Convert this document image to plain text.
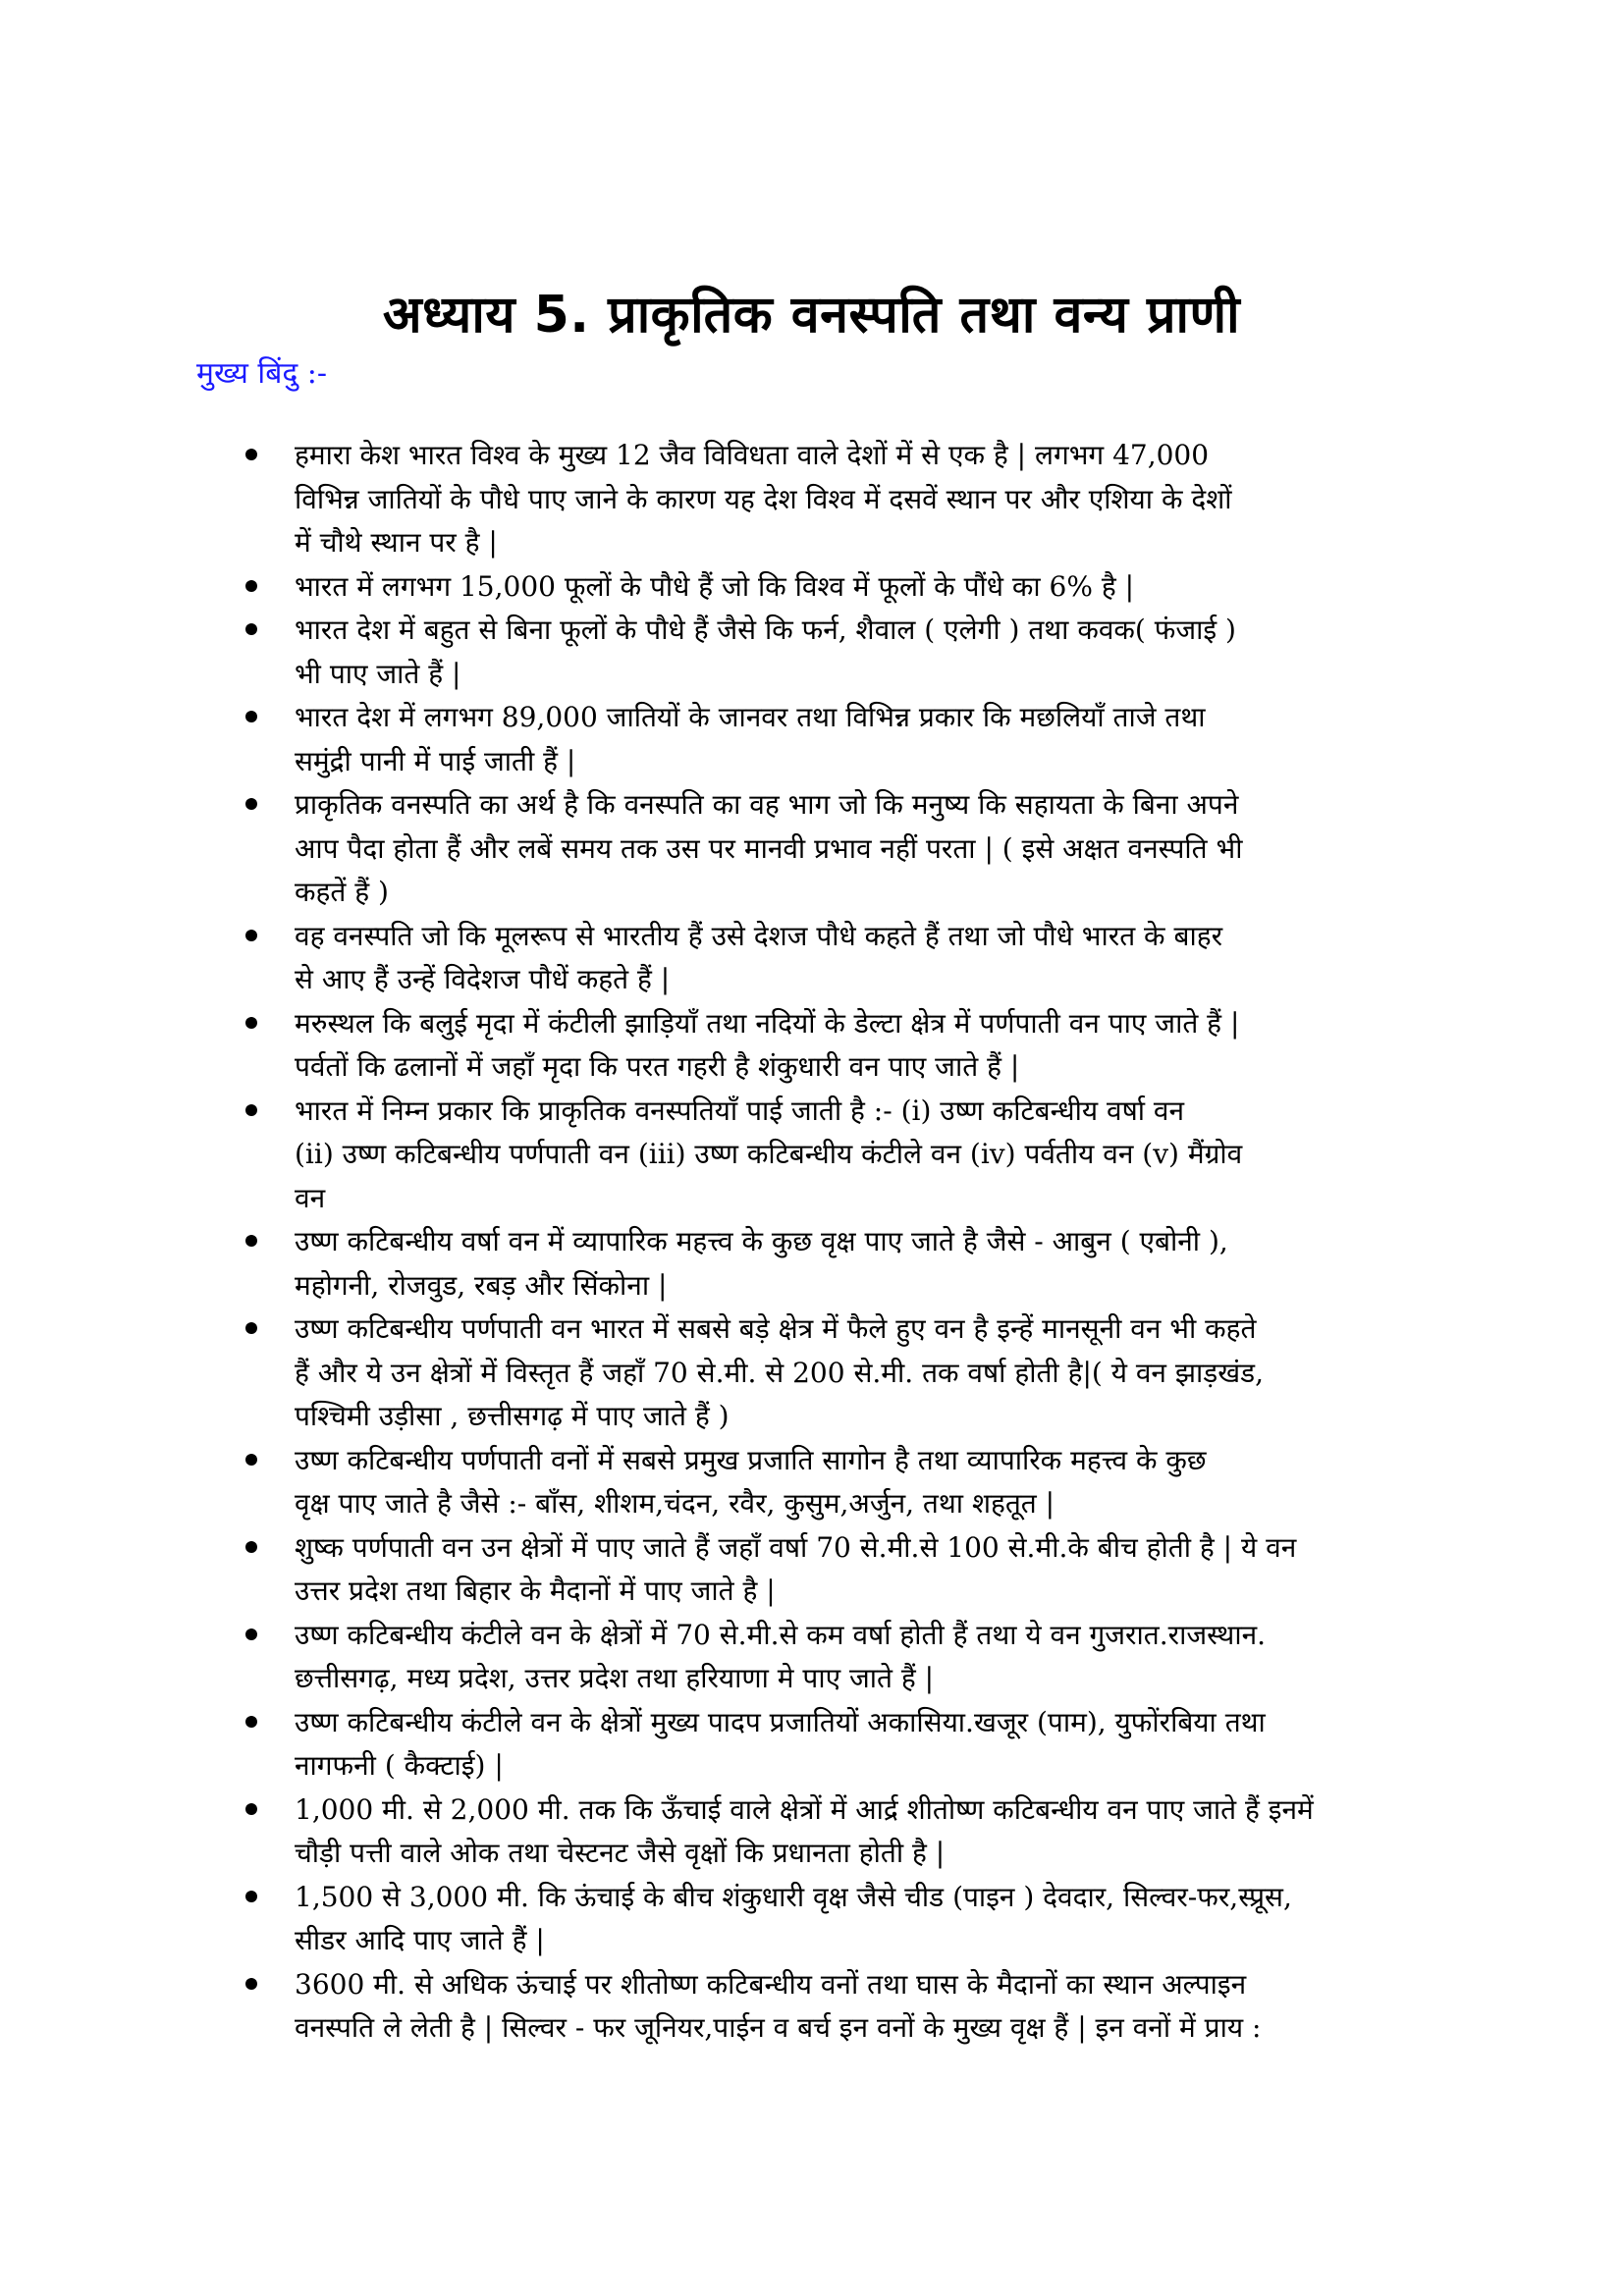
अध्याय 5. प्राकृतिक वनस्पति तथा वन्य प्राणी
मुख्य बिंदु :-
हमारा केश भारत विश्व के मुख्य 12 जैव विविधता वाले देशों में से एक है | लगभग 47,000
विभिन्न जातियों के पौधे पाए जाने के कारण यह देश विश्व में दसवें स्थान पर और एशिया के देशों
में चौथे स्थान पर है |
भारत में लगभग 15,000 फूलों के पौधे हैं जो कि विश्व में फूलों के पौंधे का 6% है |
भारत देश में बहुत से बिना फूलों के पौधे हैं जैसे कि फर्न, शैवाल ( एलेगी ) तथा कवक( फंजाई )
भी पाए जाते हैं |
भारत देश में लगभग 89,000 जातियों के जानवर तथा विभिन्न प्रकार कि मछलियाँ ताजे तथा
समुंद्री पानी में पाई जाती हैं |
प्राकृतिक वनस्पति का अर्थ है कि वनस्पति का वह भाग जो कि मनुष्य कि सहायता के बिना अपने
आप पैदा होता हैं और लबें समय तक उस पर मानवी प्रभाव नहीं परता | ( इसे अक्षत वनस्पति भी
कहतें हैं )
वह वनस्पति जो कि मूलरूप से भारतीय हैं उसे देशज पौधे कहते हैं तथा जो पौधे भारत के बाहर
से आए हैं उन्हें विदेशज पौधें कहते हैं |
मरुस्थल कि बलुई मृदा में कंटीली झाड़ियाँ तथा नदियों के डेल्टा क्षेत्र में पर्णपाती वन पाए जाते हैं |
पर्वतों कि ढलानों में जहाँ मृदा कि परत गहरी है शंकुधारी वन पाए जाते हैं |
भारत में निम्न प्रकार कि प्राकृतिक वनस्पतियाँ पाई जाती है :- (i) उष्ण कटिबन्धीय वर्षा वन
(ii) उष्ण कटिबन्धीय पर्णपाती वन (iii) उष्ण कटिबन्धीय कंटीले वन (iv) पर्वतीय वन (v) मैंग्रोव
वन
उष्ण कटिबन्धीय वर्षा वन में व्यापारिक महत्त्व के कुछ वृक्ष पाए जाते है जैसे - आबुन ( एबोनी ),
महोगनी, रोजवुड, रबड़ और सिंकोना |
उष्ण कटिबन्धीय पर्णपाती वन भारत में सबसे बड़े क्षेत्र में फैले हुए वन है इन्हें मानसूनी वन भी कहते
हैं और ये उन क्षेत्रों में विस्तृत हैं जहाँ 70 से.मी. से 200 से.मी. तक वर्षा होती है|( ये वन झाड़खंड,
पश्चिमी उड़ीसा , छत्तीसगढ़ में पाए जाते हैं )
उष्ण कटिबन्धीय पर्णपाती वनों में सबसे प्रमुख प्रजाति सागोन है तथा व्यापारिक महत्त्व के कुछ
वृक्ष पाए जाते है जैसे :- बाँस, शीशम,चंदन, रवैर, कुसुम,अर्जुन, तथा शहतूत |
शुष्क पर्णपाती वन उन क्षेत्रों में पाए जाते हैं जहाँ वर्षा 70 से.मी.से 100 से.मी.के बीच होती है | ये वन
उत्तर प्रदेश तथा बिहार के मैदानों में पाए जाते है |
उष्ण कटिबन्धीय कंटीले वन के क्षेत्रों में 70 से.मी.से कम वर्षा होती हैं तथा ये वन गुजरात.राजस्थान.
छत्तीसगढ़, मध्य प्रदेश, उत्तर प्रदेश तथा हरियाणा मे पाए जाते हैं |
उष्ण कटिबन्धीय कंटीले वन के क्षेत्रों मुख्य पादप प्रजातियों अकासिया.खजूर (पाम), युफोंरबिया तथा
नागफनी ( कैक्टाई) |
1,000 मी. से 2,000 मी. तक कि ऊँचाई वाले क्षेत्रों में आर्द्र शीतोष्ण कटिबन्धीय वन पाए जाते हैं इनमें
चौड़ी पत्ती वाले ओक तथा चेस्टनट जैसे वृक्षों कि प्रधानता होती है |
1,500 से 3,000 मी. कि ऊंचाई के बीच शंकुधारी वृक्ष जैसे चीड (पाइन ) देवदार, सिल्वर-फर,स्प्रूस,
सीडर आदि पाए जाते हैं |
3600 मी. से अधिक ऊंचाई पर शीतोष्ण कटिबन्धीय वनों तथा घास के मैदानों का स्थान अल्पाइन
वनस्पति ले लेती है | सिल्वर - फर जूनियर,पाईन व बर्च इन वनों के मुख्य वृक्ष हैं | इन वनों में प्राय :
